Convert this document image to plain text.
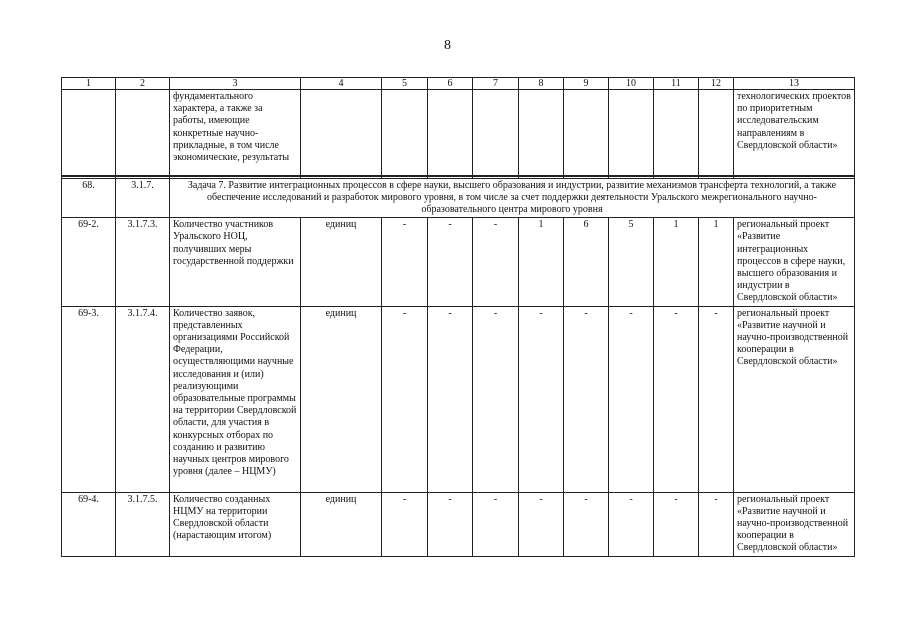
8
1	2	3	4	5	6	7	8	9	10	11	12	13
		фундаментального характера, а также за работы, имеющие конкретные научно-прикладные, в том числе экономические, результаты										технологических проектов по приоритетным исследовательским направлениям в Свердловской области»

68.	3.1.7.	Задача 7. Развитие интеграционных процессов в сфере науки, высшего образования и индустрии, развитие механизмов трансферта технологий, а также обеспечение исследований и разработок мирового уровня, в том числе за счет поддержки деятельности Уральского межрегионального научно-образовательного центра мирового уровня										
69-2.	3.1.7.3.	Количество участников Уральского НОЦ, получивших меры государственной поддержки	единиц	-	-	-	1	6	5	1	1	региональный проект «Развитие интеграционных процессов в сфере науки, высшего образования и индустрии в Свердловской области»
69-3.	3.1.7.4.	Количество заявок, представленных организациями Российской Федерации, осуществляющими научные исследования и (или) реализующими образовательные программы на территории Свердловской области, для участия в конкурсных отборах по созданию и развитию научных центров мирового уровня (далее – НЦМУ)	единиц	-	-	-	-	-	-	-	-	региональный проект «Развитие научной и научно-производственной кооперации в Свердловской области»
69-4.	3.1.7.5.	Количество созданных НЦМУ на территории Свердловской области (нарастающим итогом)	единиц	-	-	-	-	-	-	-	-	региональный проект «Развитие научной и научно-производственной кооперации в Свердловской области»
